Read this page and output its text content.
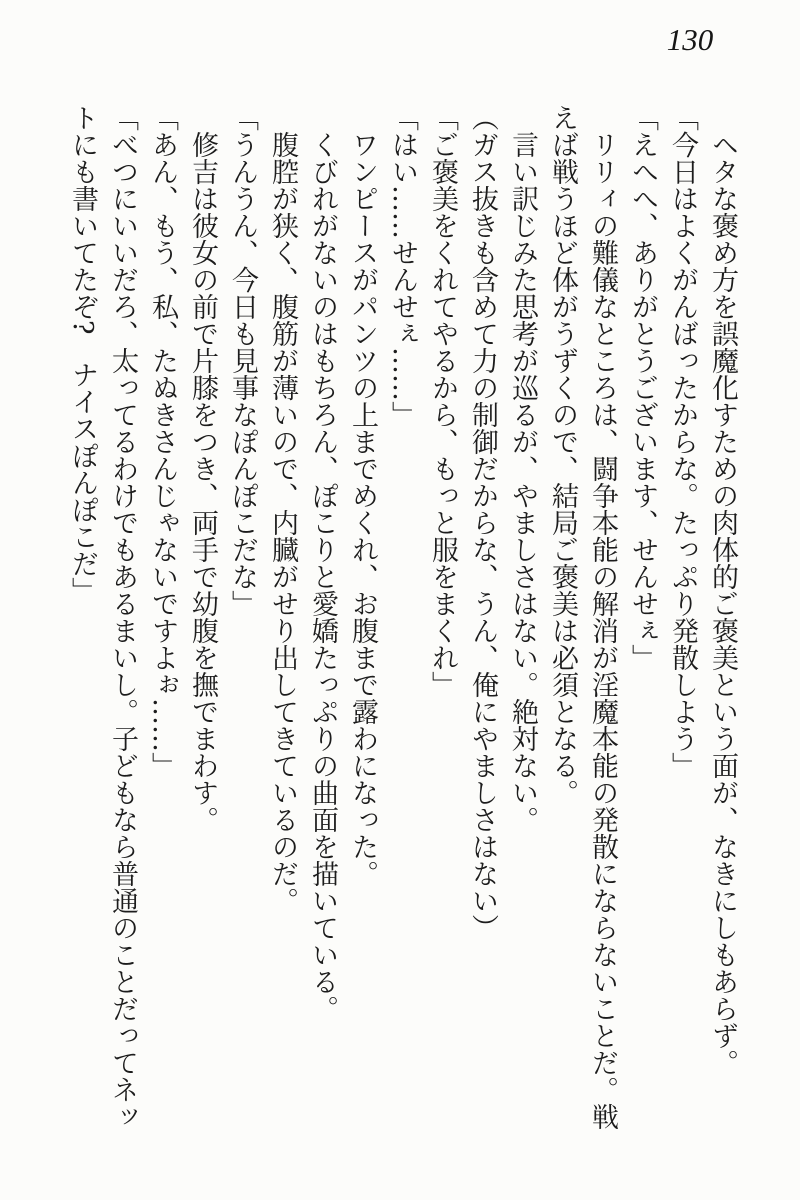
130

ヘタな褒め方を誤魔化すための肉体的ご褒美という面が、なきにしもあらず。

「今日はよくがんばったからな。たっぷり発散しよう」

「えへへ、ありがとうございます、せんせぇ」

リリィの難儀なところは、闘争本能の解消が淫魔本能の発散にならないことだ。戦

えば戦うほど体がうずくので、結局ご褒美は必須となる。

言い訳じみた思考が巡るが、やましさはない。絶対ない。

（ガス抜きも含めて力の制御だからな、うん、俺にやましさはない）

「ご褒美をくれてやるから、もっと服をまくれ」

「はい……せんせぇ……」

ワンピースがパンツの上までめくれ、お腹まで露わになった。

くびれがないのはもちろん、ぽこりと愛嬌たっぷりの曲面を描いている。

腹腔が狭く、腹筋が薄いので、内臓がせり出してきているのだ。

「うんうん、今日も見事なぽんぽこだな」

修吉は彼女の前で片膝をつき、両手で幼腹を撫でまわす。

「あん、もう、私、たぬきさんじゃないですよぉ……」

「べつにいいだろ、太ってるわけでもあるまいし。子どもなら普通のことだってネッ

トにも書いてたぞ?　ナイスぽんぽこだ」
